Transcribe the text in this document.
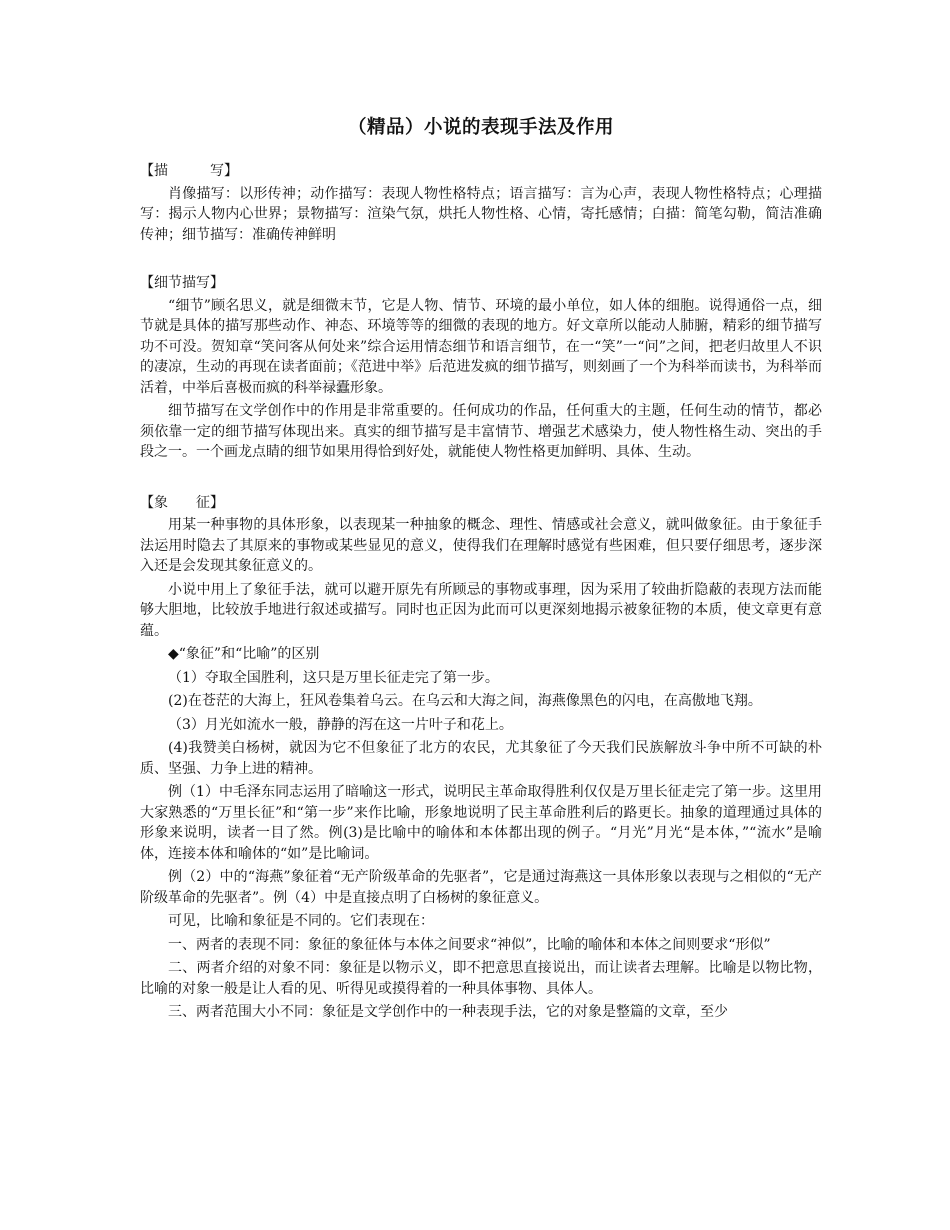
（精品）小说的表现手法及作用

【描　　　写】

肖像描写：以形传神；动作描写：表现人物性格特点；语言描写：言为心声，表现人物性格特点；心理描写：揭示人物内心世界；景物描写：渲染气氛，烘托人物性格、心情，寄托感情；白描：简笔勾勒，简洁准确传神；细节描写：准确传神鲜明

【细节描写】

“细节”顾名思义，就是细微末节，它是人物、情节、环境的最小单位，如人体的细胞。说得通俗一点，细节就是具体的描写那些动作、神态、环境等等的细微的表现的地方。好文章所以能动人肺腑，精彩的细节描写功不可没。贺知章“笑问客从何处来”综合运用情态细节和语言细节，在一“笑”一“问”之间，把老归故里人不识的凄凉，生动的再现在读者面前；《范进中举》后范进发疯的细节描写，则刻画了一个为科举而读书，为科举而活着，中举后喜极而疯的科举禄蠹形象。

细节描写在文学创作中的作用是非常重要的。任何成功的作品，任何重大的主题，任何生动的情节，都必须依靠一定的细节描写体现出来。真实的细节描写是丰富情节、增强艺术感染力，使人物性格生动、突出的手段之一。一个画龙点睛的细节如果用得恰到好处，就能使人物性格更加鲜明、具体、生动。

【象　　征】

用某一种事物的具体形象，以表现某一种抽象的概念、理性、情感或社会意义，就叫做象征。由于象征手法运用时隐去了其原来的事物或某些显见的意义，使得我们在理解时感觉有些困难，但只要仔细思考，逐步深入还是会发现其象征意义的。

小说中用上了象征手法，就可以避开原先有所顾忌的事物或事理，因为采用了较曲折隐蔽的表现方法而能够大胆地，比较放手地进行叙述或描写。同时也正因为此而可以更深刻地揭示被象征物的本质，使文章更有意蕴。

◆“象征”和“比喻”的区别

（1）夺取全国胜利，这只是万里长征走完了第一步。

(2)在苍茫的大海上，狂风卷集着乌云。在乌云和大海之间，海燕像黑色的闪电，在高傲地飞翔。

（3）月光如流水一般，静静的泻在这一片叶子和花上。

(4)我赞美白杨树，就因为它不但象征了北方的农民，尤其象征了今天我们民族解放斗争中所不可缺的朴质、坚强、力争上进的精神。

例（1）中毛泽东同志运用了暗喻这一形式，说明民主革命取得胜利仅仅是万里长征走完了第一步。这里用大家熟悉的“万里长征”和“第一步”来作比喻，形象地说明了民主革命胜利后的路更长。抽象的道理通过具体的形象来说明，读者一目了然。例(3)是比喻中的喻体和本体都出现的例子。“月光”月光“是本体，”“流水”是喻体，连接本体和喻体的“如”是比喻词。

例（2）中的“海燕”象征着“无产阶级革命的先驱者”，它是通过海燕这一具体形象以表现与之相似的“无产阶级革命的先驱者”。例（4）中是直接点明了白杨树的象征意义。

可见，比喻和象征是不同的。它们表现在：

一、两者的表现不同：象征的象征体与本体之间要求“神似”，比喻的喻体和本体之间则要求“形似”

二、两者介绍的对象不同：象征是以物示义，即不把意思直接说出，而让读者去理解。比喻是以物比物，比喻的对象一般是让人看的见、听得见或摸得着的一种具体事物、具体人。

三、两者范围大小不同：象征是文学创作中的一种表现手法，它的对象是整篇的文章，至少
